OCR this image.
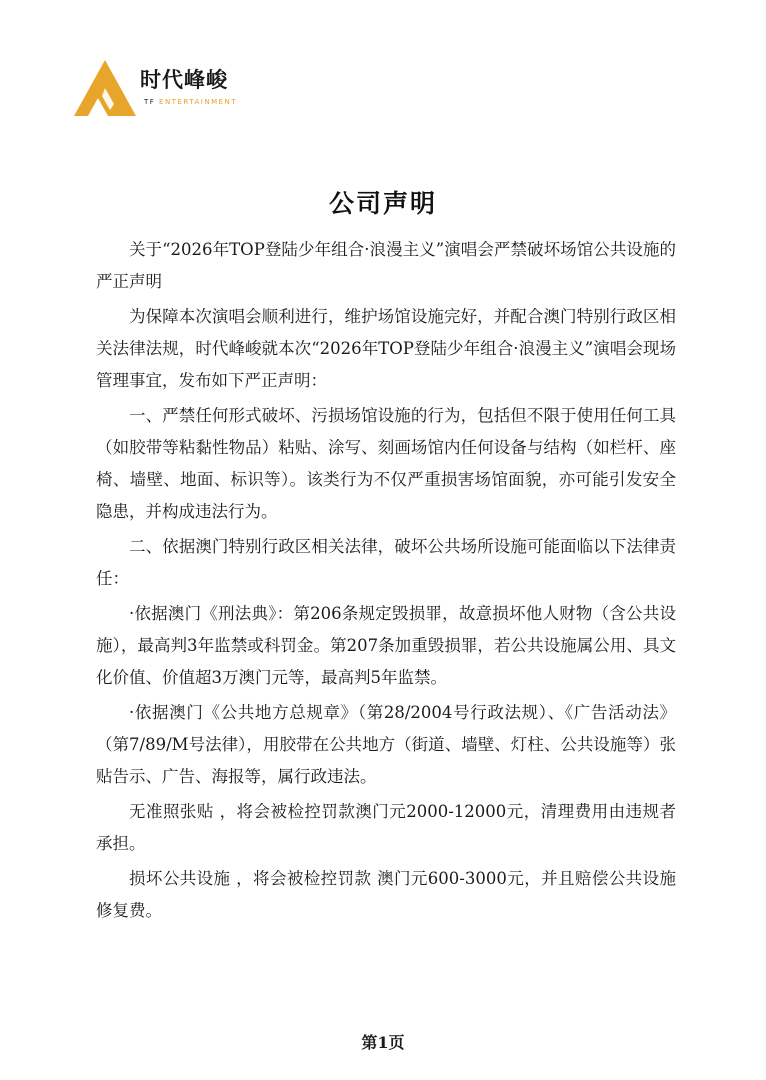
时代峰峻
TF ENTERTAINMENT
公司声明

关于“2026年TOP登陆少年组合·浪漫主义”演唱会严禁破坏场馆公共设施的严正声明

为保障本次演唱会顺利进行，维护场馆设施完好，并配合澳门特别行政区相关法律法规，时代峰峻就本次“2026年TOP登陆少年组合·浪漫主义”演唱会现场管理事宜，发布如下严正声明：

一、严禁任何形式破坏、污损场馆设施的行为，包括但不限于使用任何工具（如胶带等粘黏性物品）粘贴、涂写、刻画场馆内任何设备与结构（如栏杆、座椅、墙壁、地面、标识等）。该类行为不仅严重损害场馆面貌，亦可能引发安全隐患，并构成违法行为。

二、依据澳门特别行政区相关法律，破坏公共场所设施可能面临以下法律责任：

·依据澳门《刑法典》：第206条规定毁损罪，故意损坏他人财物（含公共设施），最高判3年监禁或科罚金。第207条加重毁损罪，若公共设施属公用、具文化价值、价值超3万澳门元等，最高判5年监禁。

·依据澳门《公共地方总规章》（第28/2004号行政法规）、《广告活动法》（第7/89/M号法律），用胶带在公共地方（街道、墙壁、灯柱、公共设施等）张贴告示、广告、海报等，属行政违法。

无准照张贴 ，将会被检控罚款澳门元2000-12000元，清理费用由违规者承担。

损坏公共设施 ，将会被检控罚款 澳门元600-3000元，并且赔偿公共设施修复费。

第1页
